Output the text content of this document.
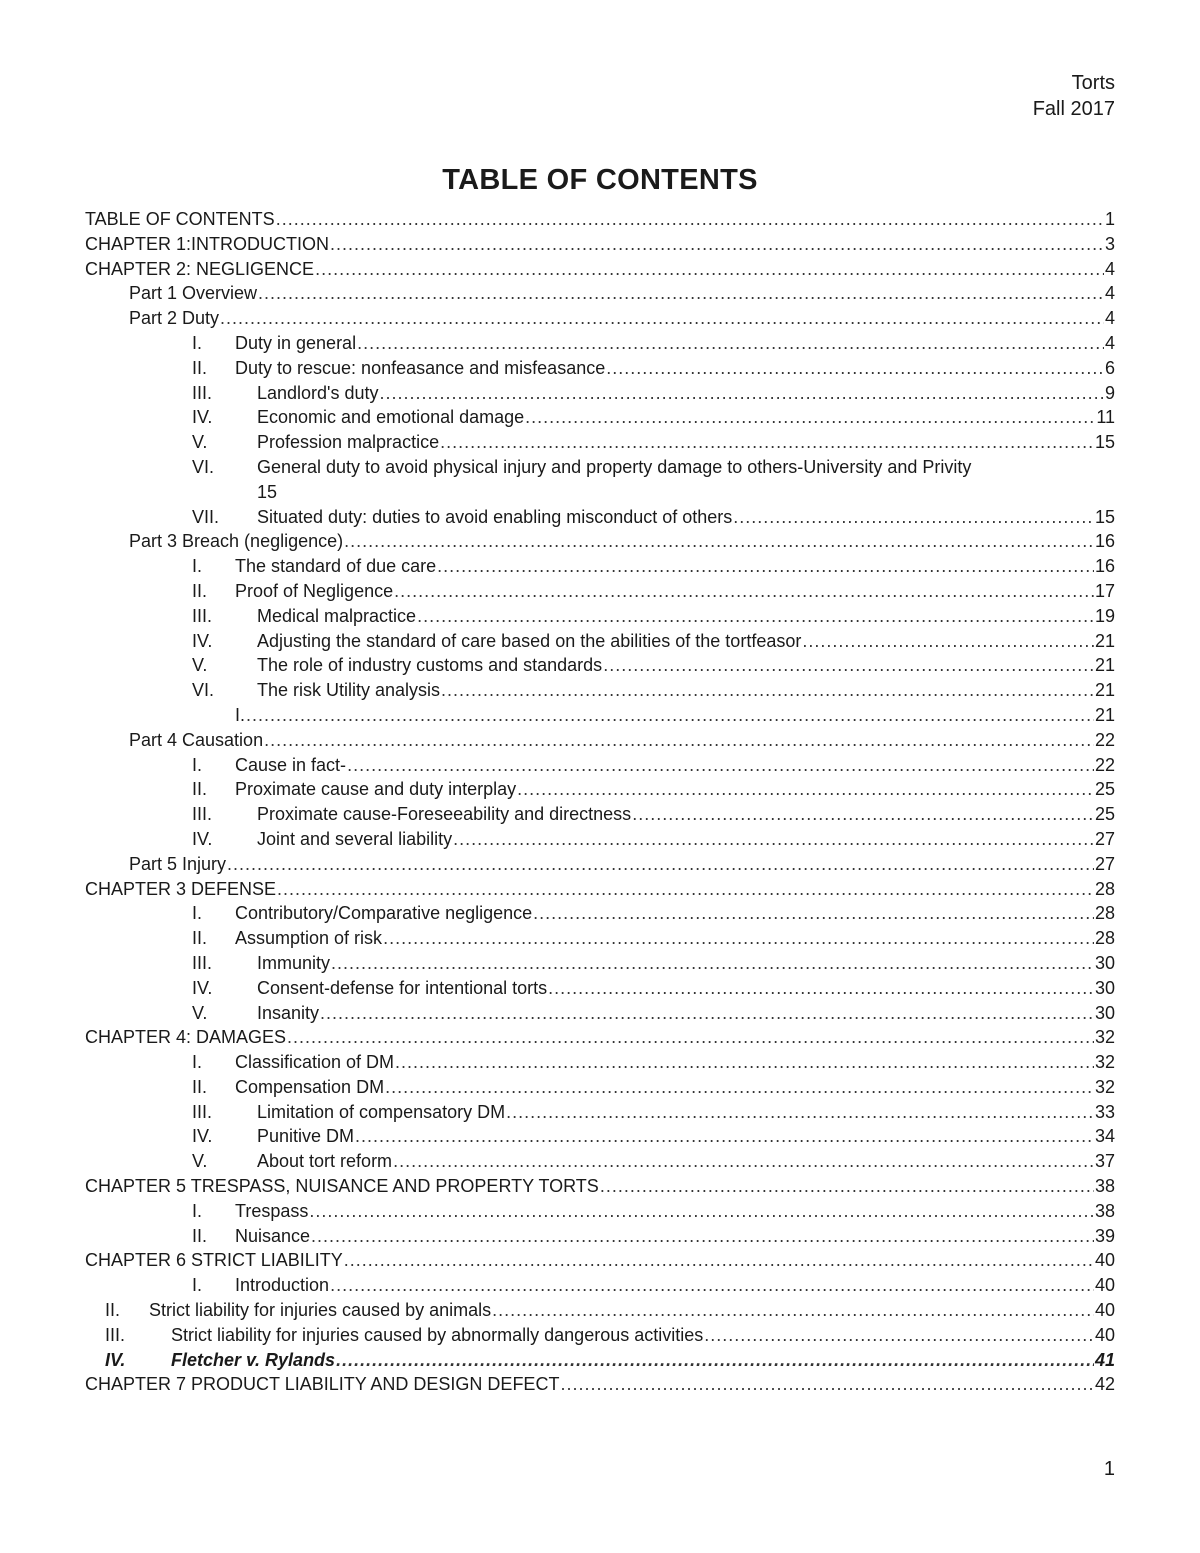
Torts
Fall 2017
TABLE OF CONTENTS
TABLE OF CONTENTS .....	1
CHAPTER 1:INTRODUCTION .....	3
CHAPTER 2: NEGLIGENCE .....	4
Part 1 Overview .....	4
Part 2 Duty .....	4
I. Duty in general .....	4
II. Duty to rescue: nonfeasance and misfeasance .....	6
III. Landlord's duty .....	9
IV. Economic and emotional damage .....	11
V.	Profession malpractice .....	15
VI. General duty to avoid physical injury and property damage to others-University and Privity
15
VII. Situated duty: duties to avoid enabling misconduct of others .....	15
Part 3 Breach (negligence) .....	16
I. The standard of due care .....	16
II. Proof of Negligence .....	17
III. Medical malpractice .....	19
IV. Adjusting the standard of care based on the abilities of the tortfeasor .....	21
V.	The role of industry customs and standards .....	21
VI. The risk Utility analysis .....	21
I. .....	21
Part 4 Causation .....	22
I. Cause in fact- .....	22
II. Proximate cause and duty interplay .....	25
III. Proximate cause-Foreseeability and directness .....	25
IV. Joint and several liability .....	27
Part 5 Injury .....	27
CHAPTER 3 DEFENSE .....	28
I. Contributory/Comparative negligence .....	28
II. Assumption of risk .....	28
III. Immunity .....	30
IV. Consent-defense for intentional torts .....	30
V.	Insanity .....	30
CHAPTER 4: DAMAGES .....	32
I. Classification of DM .....	32
II. Compensation DM .....	32
III. Limitation of compensatory DM .....	33
IV. Punitive DM .....	34
V.	About tort reform .....	37
CHAPTER 5 TRESPASS, NUISANCE AND PROPERTY TORTS .....	38
I. Trespass .....	38
II. Nuisance .....	39
CHAPTER 6 STRICT LIABILITY .....	40
I. Introduction .....	40
II. Strict liability for injuries caused by animals .....	40
III.	Strict liability for injuries caused by abnormally dangerous activities .....	40
IV.	Fletcher v. Rylands .....	41
CHAPTER 7 PRODUCT LIABILITY AND DESIGN DEFECT .....	42
1
